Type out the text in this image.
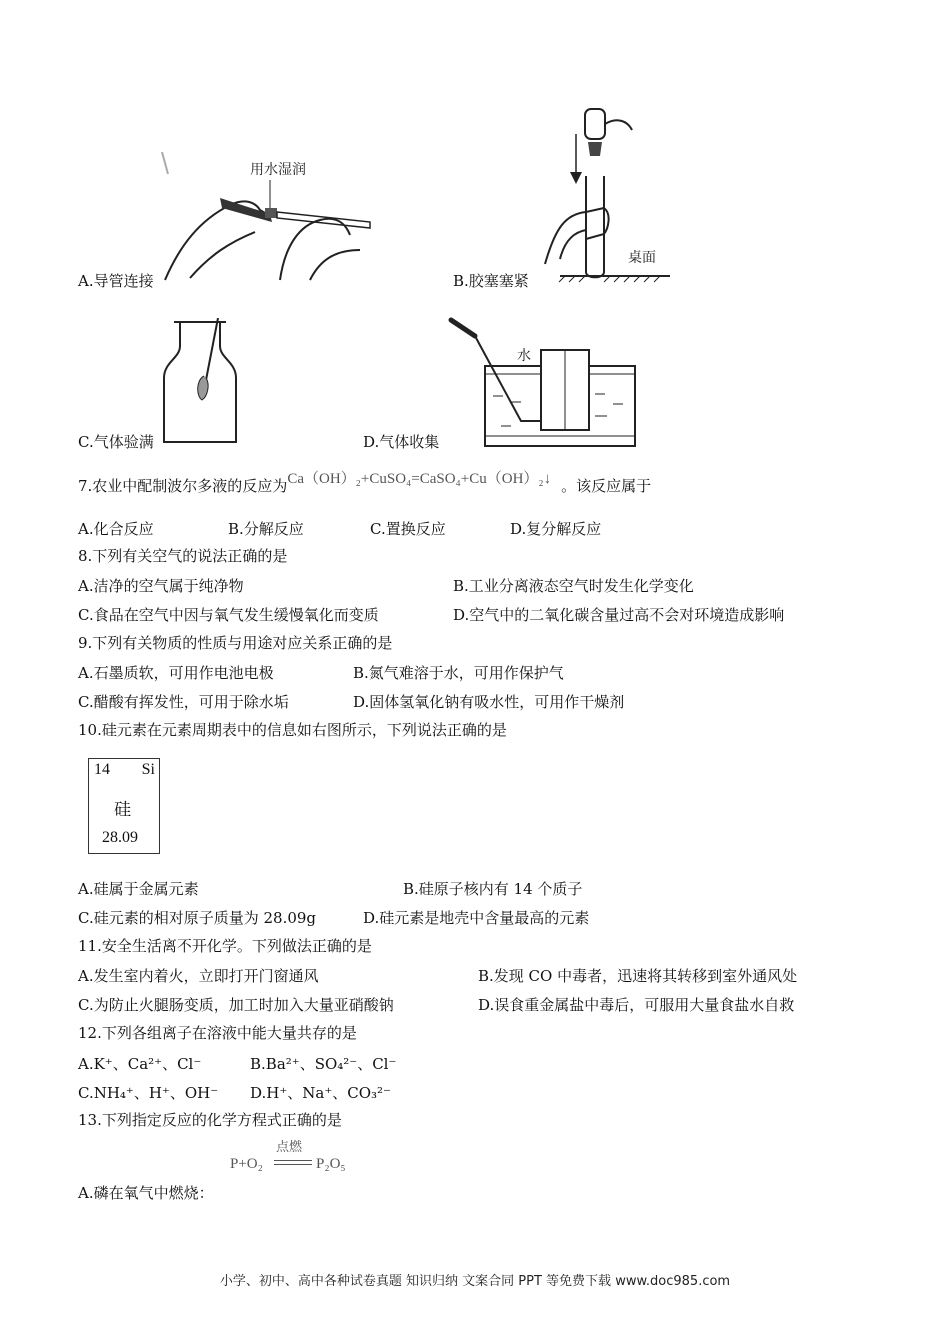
用水湿润
桌面
A.导管连接	B.胶塞塞紧
水
C.气体验满	D.气体收集
7.农业中配制波尔多液的反应为Ca（OH）₂+CuSO₄=CaSO₄+Cu（OH）₂↓ 。该反应属于
A.化合反应	B.分解反应	C.置换反应	D.复分解反应
8.下列有关空气的说法正确的是
A.洁净的空气属于纯净物	B.工业分离液态空气时发生化学变化
C.食品在空气中因与氧气发生缓慢氧化而变质	D.空气中的二氧化碳含量过高不会对环境造成影响
9.下列有关物质的性质与用途对应关系正确的是
A.石墨质软，可用作电池电极	B.氮气难溶于水，可用作保护气
C.醋酸有挥发性，可用于除水垢	D.固体氢氧化钠有吸水性，可用作干燥剂
10.硅元素在元素周期表中的信息如右图所示，下列说法正确的是
14 Si
硅
28.09
A.硅属于金属元素	B.硅原子核内有 14 个质子
C.硅元素的相对原子质量为 28.09g	D.硅元素是地壳中含量最高的元素
11.安全生活离不开化学。下列做法正确的是
A.发生室内着火，立即打开门窗通风	B.发现 CO 中毒者，迅速将其转移到室外通风处
C.为防止火腿肠变质，加工时加入大量亚硝酸钠	D.误食重金属盐中毒后，可服用大量食盐水自救
12.下列各组离子在溶液中能大量共存的是
A.K⁺、Ca²⁺、Cl⁻	B.Ba²⁺、SO₄²⁻、Cl⁻
C.NH₄⁺、H⁺、OH⁻ D.H⁺、Na⁺、CO₃²⁻
13.下列指定反应的化学方程式正确的是
P+O₂
点燃
P₂O₅
A.磷在氧气中燃烧：
小学、初中、高中各种试卷真题 知识归纳 文案合同 PPT 等免费下载 www.doc985.com
